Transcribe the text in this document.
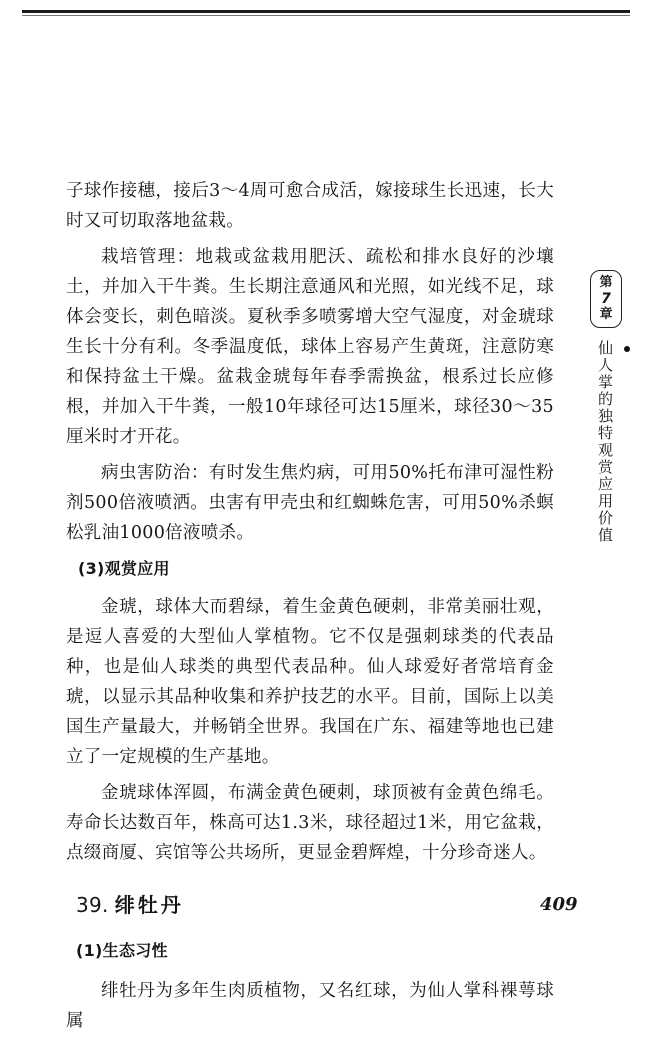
子球作接穗，接后3～4周可愈合成活，嫁接球生长迅速，长大时又可切取落地盆栽。

栽培管理：地栽或盆栽用肥沃、疏松和排水良好的沙壤土，并加入干牛粪。生长期注意通风和光照，如光线不足，球体会变长，刺色暗淡。夏秋季多喷雾增大空气湿度，对金琥球生长十分有利。冬季温度低，球体上容易产生黄斑，注意防寒和保持盆土干燥。盆栽金琥每年春季需换盆，根系过长应修根，并加入干牛粪，一般10年球径可达15厘米，球径30～35厘米时才开花。

病虫害防治：有时发生焦灼病，可用50%托布津可湿性粉剂500倍液喷洒。虫害有甲壳虫和红蜘蛛危害，可用50%杀螟松乳油1000倍液喷杀。

(3)观赏应用

金琥，球体大而碧绿，着生金黄色硬刺，非常美丽壮观，是逗人喜爱的大型仙人掌植物。它不仅是强刺球类的代表品种，也是仙人球类的典型代表品种。仙人球爱好者常培育金琥，以显示其品种收集和养护技艺的水平。目前，国际上以美国生产量最大，并畅销全世界。我国在广东、福建等地也已建立了一定规模的生产基地。

金琥球体浑圆，布满金黄色硬刺，球顶被有金黄色绵毛。寿命长达数百年，株高可达1.3米，球径超过1米，用它盆栽，点缀商厦、宾馆等公共场所，更显金碧辉煌，十分珍奇迷人。

39. 绯牡丹
(1)生态习性

绯牡丹为多年生肉质植物，又名红球，为仙人掌科裸萼球属

第
7
章
仙人掌的独特观赏应用价值
409
